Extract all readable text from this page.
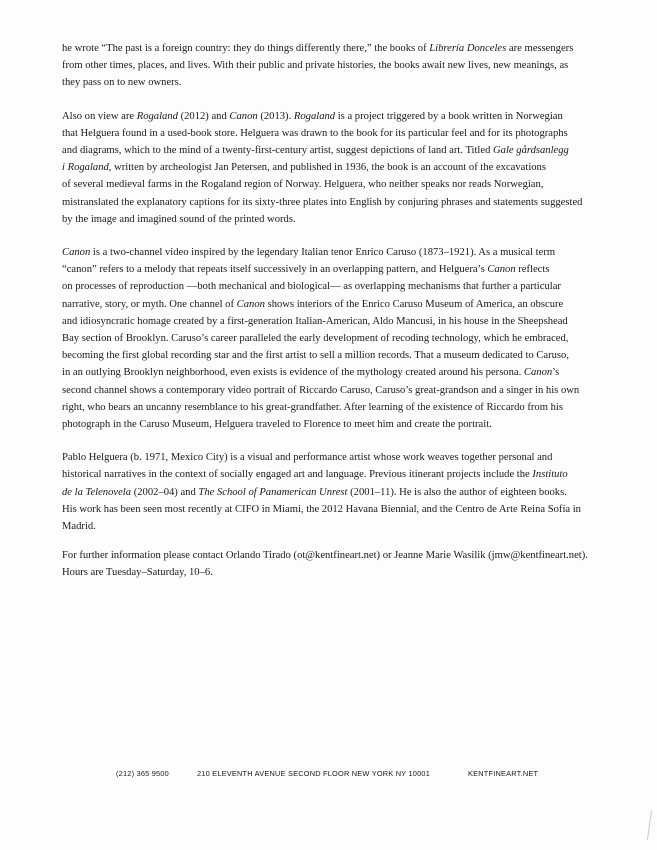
he wrote “The past is a foreign country: they do things differently there,” the books of Librería Donceles are messengers
from other times, places, and lives. With their public and private histories, the books await new lives, new meanings, as
they pass on to new owners.

Also on view are Rogaland (2012) and Canon (2013). Rogaland is a project triggered by a book written in Norwegian
that Helguera found in a used-book store. Helguera was drawn to the book for its particular feel and for its photographs
and diagrams, which to the mind of a twenty-first-century artist, suggest depictions of land art. Titled Gale gårdsanlegg
i Rogaland, written by archeologist Jan Petersen, and published in 1936, the book is an account of the excavations
of several medieval farms in the Rogaland region of Norway. Helguera, who neither speaks nor reads Norwegian,
mistranslated the explanatory captions for its sixty-three plates into English by conjuring phrases and statements suggested
by the image and imagined sound of the printed words.

Canon is a two-channel video inspired by the legendary Italian tenor Enrico Caruso (1873–1921). As a musical term
“canon” refers to a melody that repeats itself successively in an overlapping pattern, and Helguera’s Canon reflects
on processes of reproduction —both mechanical and biological— as overlapping mechanisms that further a particular
narrative, story, or myth. One channel of Canon shows interiors of the Enrico Caruso Museum of America, an obscure
and idiosyncratic homage created by a first-generation Italian-American, Aldo Mancusi, in his house in the Sheepshead
Bay section of Brooklyn. Caruso’s career paralleled the early development of recoding technology, which he embraced,
becoming the first global recording star and the first artist to sell a million records. That a museum dedicated to Caruso,
in an outlying Brooklyn neighborhood, even exists is evidence of the mythology created around his persona. Canon’s
second channel shows a contemporary video portrait of Riccardo Caruso, Caruso’s great-grandson and a singer in his own
right, who bears an uncanny resemblance to his great-grandfather. After learning of the existence of Riccardo from his
photograph in the Caruso Museum, Helguera traveled to Florence to meet him and create the portrait.

Pablo Helguera (b. 1971, Mexico City) is a visual and performance artist whose work weaves together personal and
historical narratives in the context of socially engaged art and language. Previous itinerant projects include the Instituto
de la Telenovela (2002–04) and The School of Panamerican Unrest (2001–11). He is also the author of eighteen books.
His work has been seen most recently at CIFO in Miami, the 2012 Havana Biennial, and the Centro de Arte Reina Sofía in
Madrid.

For further information please contact Orlando Tirado (ot@kentfineart.net) or Jeanne Marie Wasilik (jmw@kentfineart.net).
Hours are Tuesday–Saturday, 10–6.

(212) 365 9500	210 ELEVENTH AVENUE SECOND FLOOR NEW YORK NY 10001	KENTFINEART.NET
